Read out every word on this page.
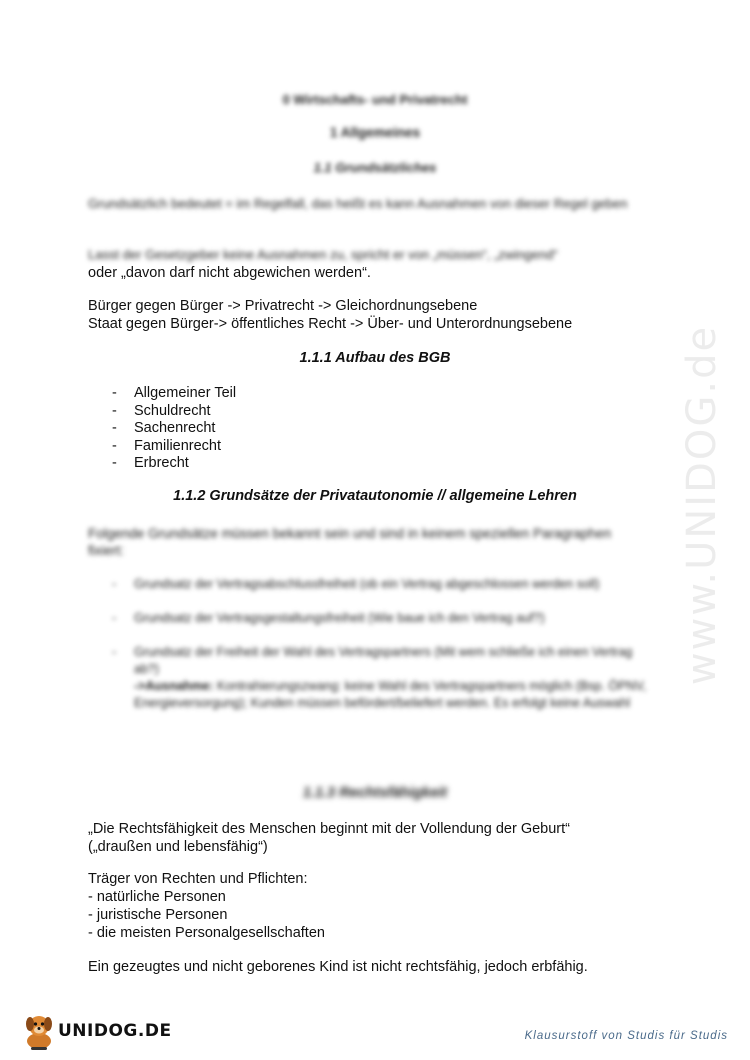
www.UNIDOG.de
0 Wirtschafts- und Privatrecht
1 Allgemeines
1.1 Grundsätzliches
Grundsätzlich bedeutet = im Regelfall, das heißt es kann Ausnahmen von dieser Regel geben
Lasst der Gesetzgeber keine Ausnahmen zu, spricht er von „müssen“, „zwingend“
oder „davon darf nicht abgewichen werden“.
Bürger gegen Bürger -> Privatrecht -> Gleichordnungsebene
Staat gegen Bürger-> öffentliches Recht -> Über- und Unterordnungsebene
1.1.1 Aufbau des BGB
- Allgemeiner Teil
- Schuldrecht
- Sachenrecht
- Familienrecht
- Erbrecht
1.1.2 Grundsätze der Privatautonomie // allgemeine Lehren
Folgende Grundsätze müssen bekannt sein und sind in keinem speziellen Paragraphen fixiert:
- Grundsatz der Vertragsabschlussfreiheit (ob ein Vertrag abgeschlossen werden soll)
- Grundsatz der Vertragsgestaltungsfreiheit (Wie baue ich den Vertrag auf?)
- Grundsatz der Freiheit der Wahl des Vertragspartners (Mit wem schließe ich einen Vertrag ab?)
->Ausnahme: Kontrahierungszwang: keine Wahl des Vertragspartners möglich (Bsp. ÖPNV, Energieversorgung); Kunden müssen befördert/beliefert werden. Es erfolgt keine Auswahl
1.1.3 Rechtsfähigkeit
„Die Rechtsfähigkeit des Menschen beginnt mit der Vollendung der Geburt“
(„draußen und lebensfähig“)
Träger von Rechten und Pflichten:
- natürliche Personen
- juristische Personen
- die meisten Personalgesellschaften
Ein gezeugtes und nicht geborenes Kind ist nicht rechtsfähig, jedoch erbfähig.
UNIDOG.DE	Klausurstoff von Studis für Studis
